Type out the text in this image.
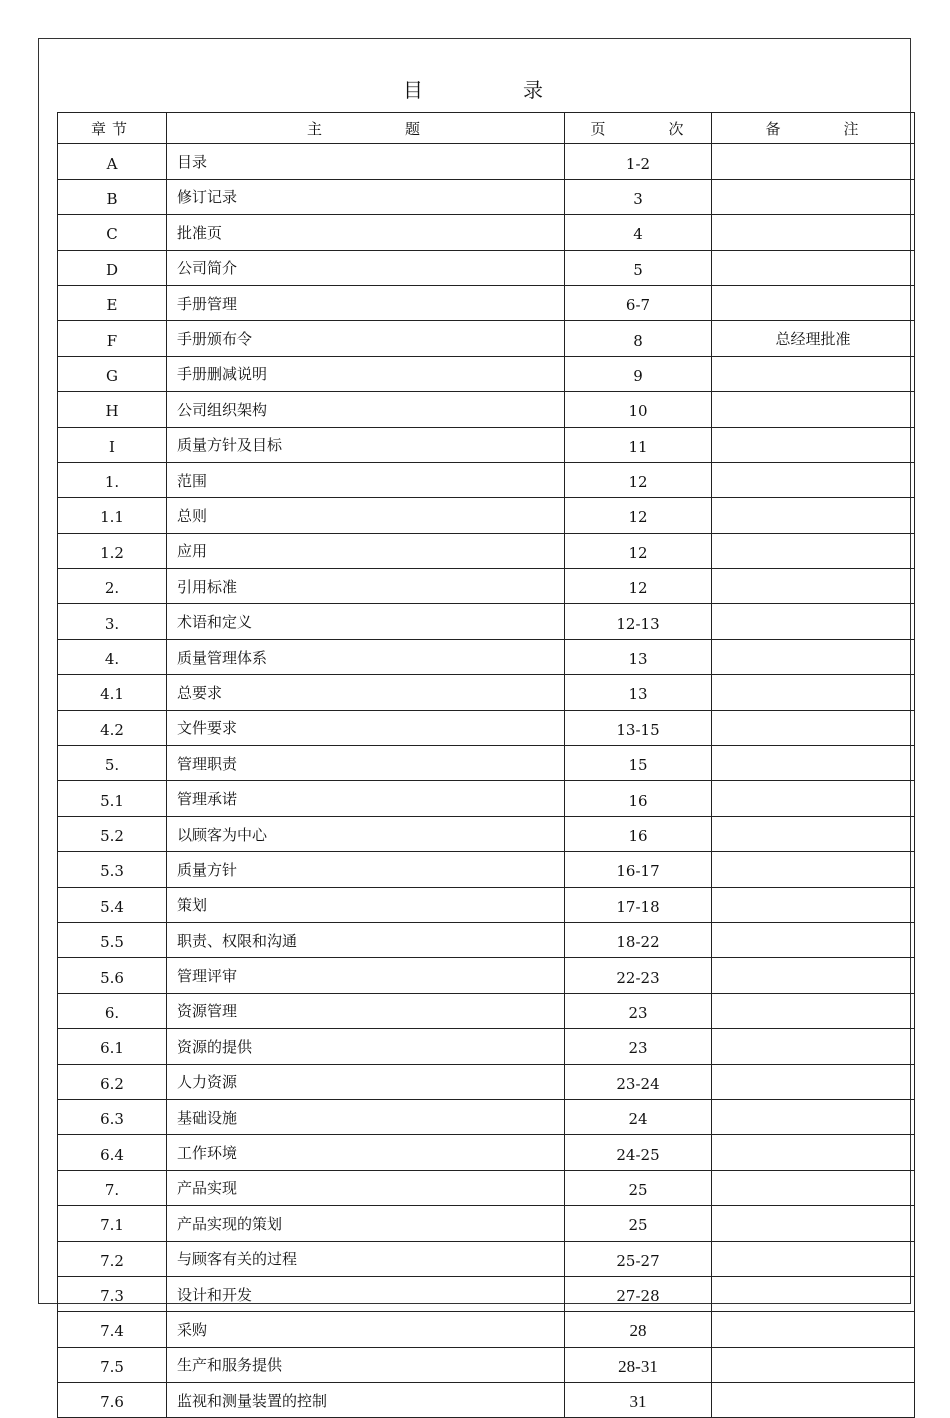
目　录
章节	主　题	页　次	备　注
A	目录	1-2	
B	修订记录	3	
C	批准页	4	
D	公司简介	5	
E	手册管理	6-7	
F	手册颁布令	8	总经理批准
G	手册删减说明	9	
H	公司组织架构	10	
I	质量方针及目标	11	
1.	范围	12	
1.1	总则	12	
1.2	应用	12	
2.	引用标准	12	
3.	术语和定义	12-13	
4.	质量管理体系	13	
4.1	总要求	13	
4.2	文件要求	13-15	
5.	管理职责	15	
5.1	管理承诺	16	
5.2	以顾客为中心	16	
5.3	质量方针	16-17	
5.4	策划	17-18	
5.5	职责、权限和沟通	18-22	
5.6	管理评审	22-23	
6.	资源管理	23	
6.1	资源的提供	23	
6.2	人力资源	23-24	
6.3	基础设施	24	
6.4	工作环境	24-25	
7.	产品实现	25	
7.1	产品实现的策划	25	
7.2	与顾客有关的过程	25-27	
7.3	设计和开发	27-28	
7.4	采购	28	
7.5	生产和服务提供	28-31	
7.6	监视和测量装置的控制	31	
